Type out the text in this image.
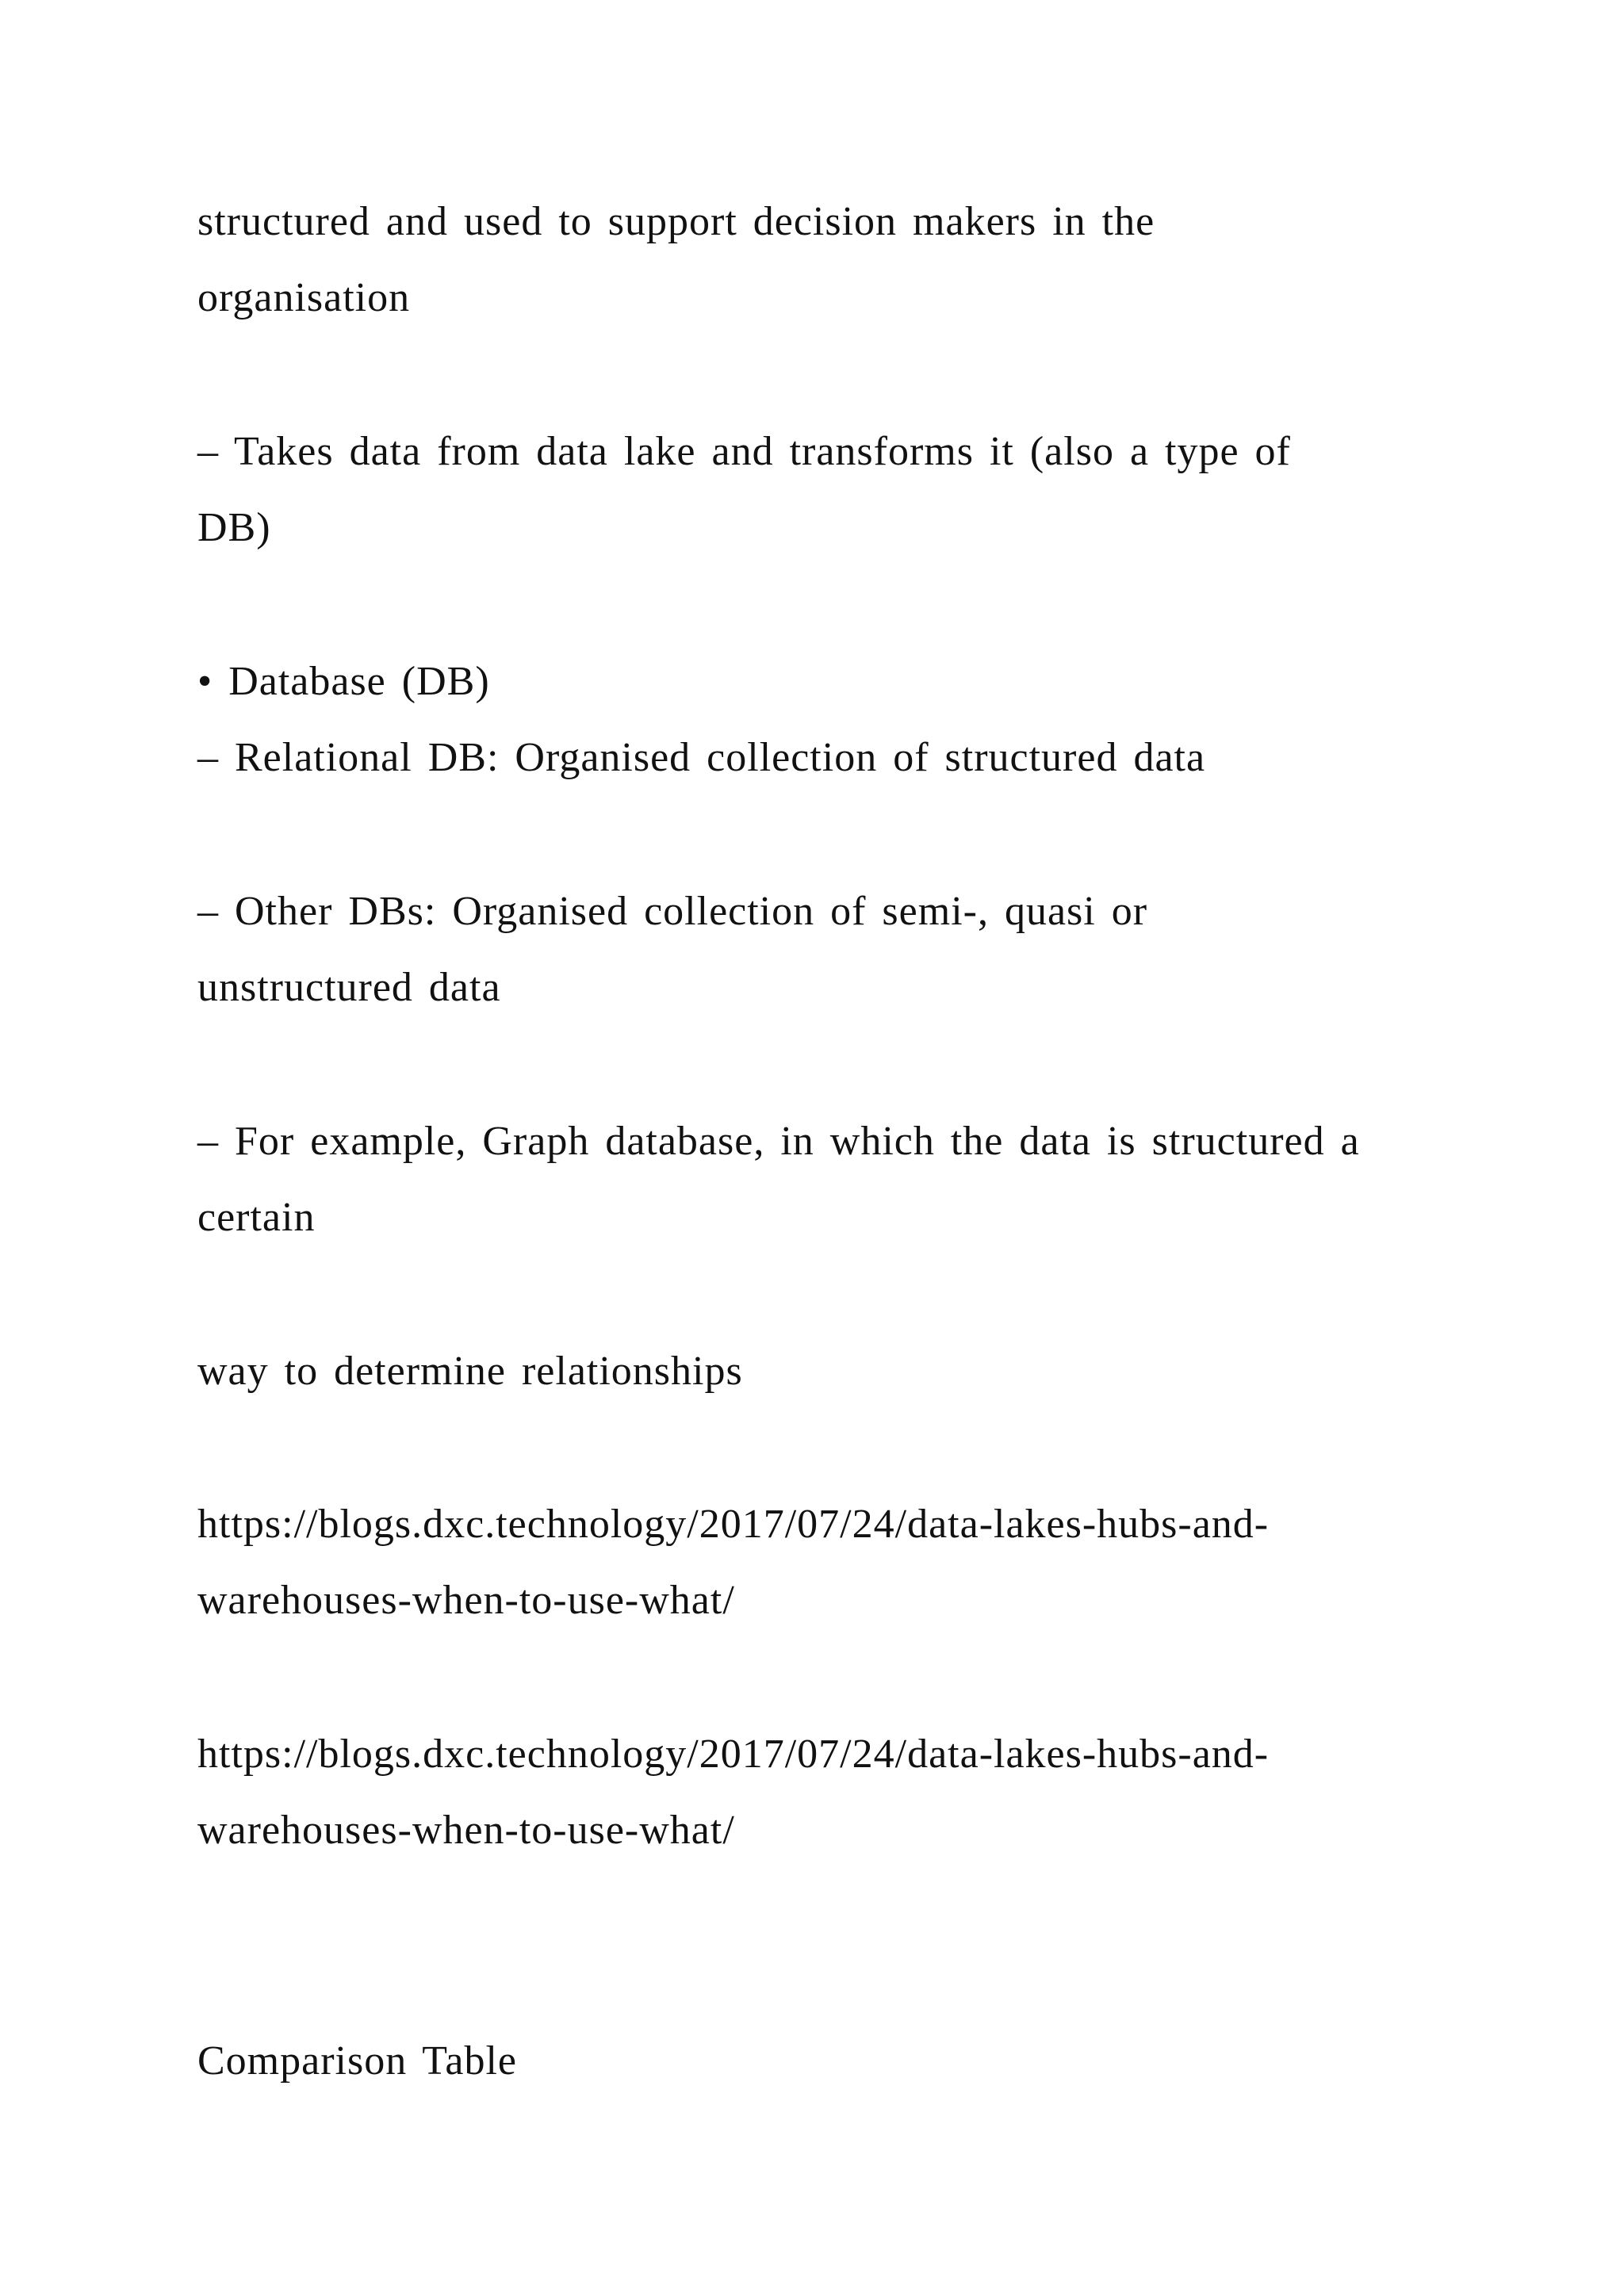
structured and used to support decision makers in the

organisation

– Takes data from data lake and transforms it (also a type of

DB)

• Database (DB)

– Relational DB: Organised collection of structured data

– Other DBs: Organised collection of semi-, quasi or

unstructured data

– For example, Graph database, in which the data is structured a

certain

way to determine relationships

https://blogs.dxc.technology/2017/07/24/data-lakes-hubs-and-

warehouses-when-to-use-what/

https://blogs.dxc.technology/2017/07/24/data-lakes-hubs-and-

warehouses-when-to-use-what/

Comparison Table
